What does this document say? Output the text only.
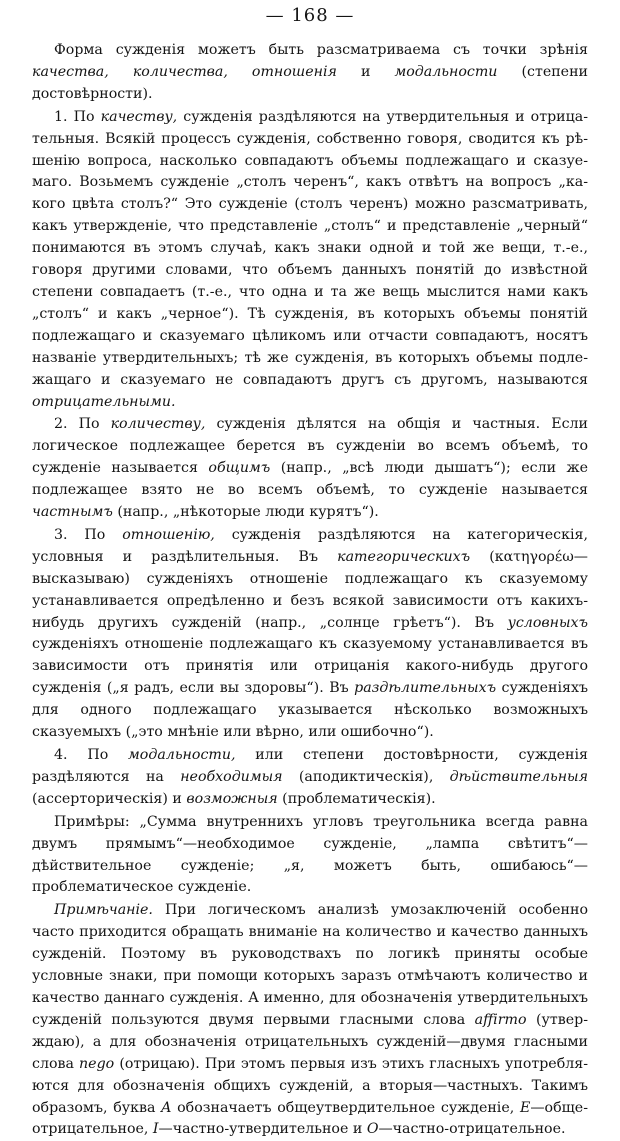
— 168 —

Форма сужденія можетъ быть разсматриваема съ точки зрѣнія качества, количества, отношенія и модальности (степени достовѣрности).

1. По качеству, сужденія раздѣляются на утвердительныя и отрицательныя. Всякій процессъ сужденія, собственно говоря, сводится къ рѣшенію вопроса, насколько совпадаютъ объемы подлежащаго и сказуемаго. Возьмемъ сужденіе „столъ черенъ“, какъ отвѣтъ на вопросъ „какого цвѣта столъ?“ Это сужденіе (столъ черенъ) можно разсматривать, какъ утвержденіе, что представленіе „столъ“ и представленіе „черный“ понимаются въ этомъ случаѣ, какъ знаки одной и той же вещи, т.-е., говоря другими словами, что объемъ данныхъ понятій до извѣстной степени совпадаетъ (т.-е., что одна и та же вещь мыслится нами какъ „столъ“ и какъ „черное“). Тѣ сужденія, въ которыхъ объемы понятій подлежащаго и сказуемаго цѣликомъ или отчасти совпадаютъ, носятъ названіе утвердительныхъ; тѣ же сужденія, въ которыхъ объемы подлежащаго и сказуемаго не совпадаютъ другъ съ другомъ, называются отрицательными.

2. По количеству, сужденія дѣлятся на общія и частныя. Если логическое подлежащее берется въ сужденіи во всемъ объемѣ, то сужденіе называется общимъ (напр., „всѣ люди дышатъ“); если же подлежащее взято не во всемъ объемѣ, то сужденіе называется частнымъ (напр., „нѣкоторые люди курятъ“).

3. По отношенію, сужденія раздѣляются на категорическія, условныя и раздѣлительныя. Въ категорическихъ (κατηγορέω—высказываю) сужденіяхъ отношеніе подлежащаго къ сказуемому устанавливается опредѣленно и безъ всякой зависимости отъ какихъ-нибудь другихъ сужденій (напр., „солнце грѣетъ“). Въ условныхъ сужденіяхъ отношеніе подлежащаго къ сказуемому устанавливается въ зависимости отъ принятія или отрицанія какого-нибудь другого сужденія („я радъ, если вы здоровы“). Въ раздѣлительныхъ сужденіяхъ для одного подлежащаго указывается нѣсколько возможныхъ сказуемыхъ („это мнѣніе или вѣрно, или ошибочно“).

4. По модальности, или степени достовѣрности, сужденія раздѣляются на необходимыя (аподиктическія), дѣйствительныя (ассерторическія) и возможныя (проблематическія).

Примѣры: „Сумма внутреннихъ угловъ треугольника всегда равна двумъ прямымъ“—необходимое сужденіе, „лампа свѣтитъ“—дѣйствительное сужденіе; „я, можетъ быть, ошибаюсь“—проблематическое сужденіе.

Примѣчаніе. При логическомъ анализѣ умозаключеній особенно часто приходится обращать вниманіе на количество и качество данныхъ сужденій. Поэтому въ руководствахъ по логикѣ приняты особые условные знаки, при помощи которыхъ заразъ отмѣчаютъ количество и качество даннаго сужденія. А именно, для обозначенія утвердительныхъ сужденій пользуются двумя первыми гласными слова affirmo (утверждаю), а для обозначенія отрицательныхъ сужденій—двумя гласными слова nego (отрицаю). При этомъ первыя изъ этихъ гласныхъ употребляются для обозначенія общихъ сужденій, а вторыя—частныхъ. Такимъ образомъ, буква A обозначаетъ общеутвердительное сужденіе, E—общеотрицательное, I—частно-утвердительное и O—частно-отрицательное.
